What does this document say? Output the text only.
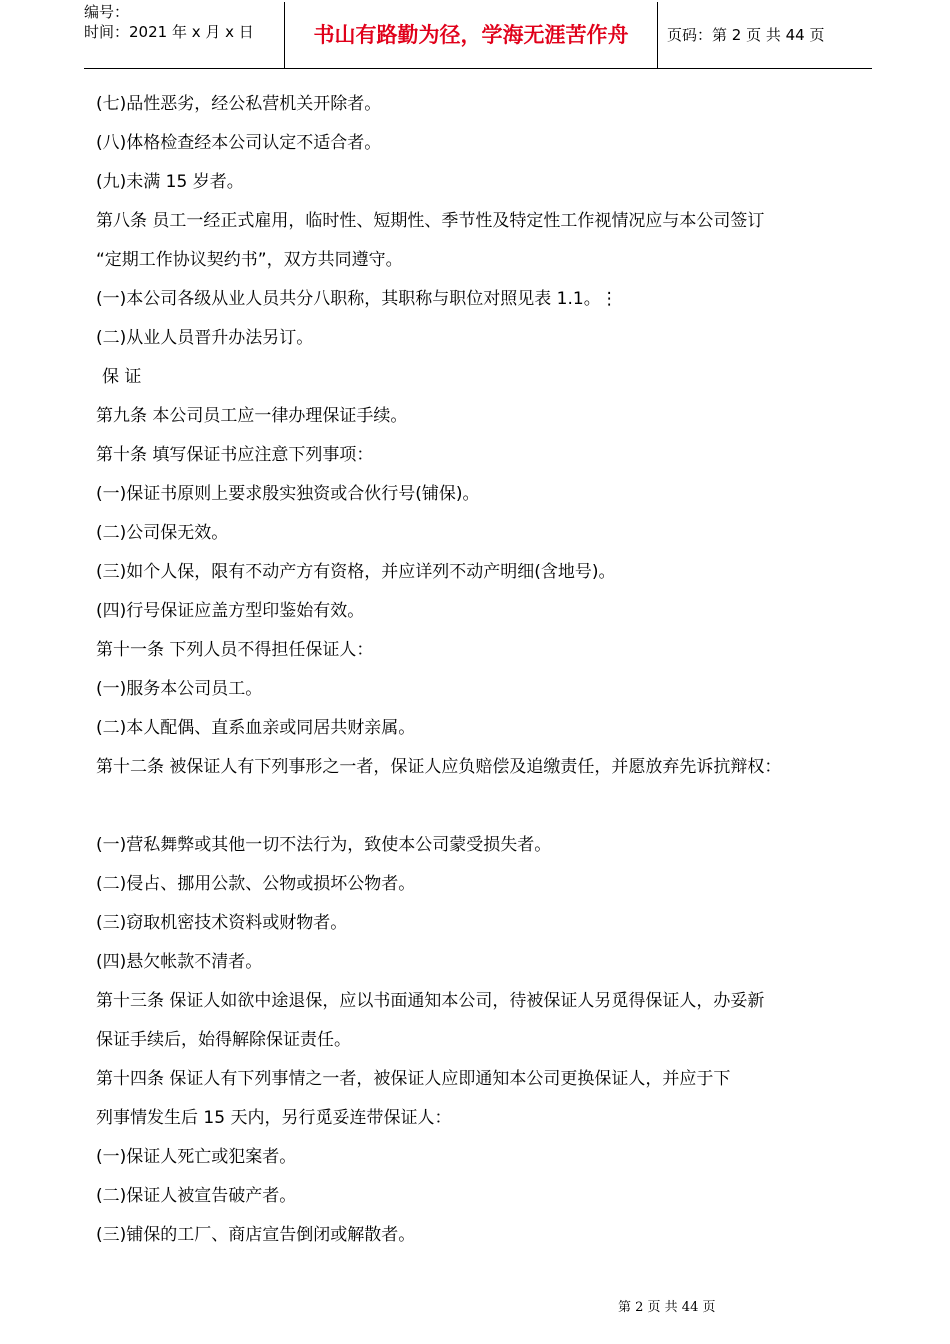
编号：
时间：2021 年 x 月 x 日	书山有路勤为径，学海无涯苦作舟	页码：第 2 页 共 44 页
(七)品性恶劣，经公私营机关开除者。
(八)体格检查经本公司认定不适合者。
(九)未满 15 岁者。
第八条 员工一经正式雇用，临时性、短期性、季节性及特定性工作视情况应与本公司签订
“定期工作协议契约书”，双方共同遵守。
(一)本公司各级从业人员共分八职称，其职称与职位对照见表 1.1。⋮
(二)从业人员晋升办法另订。
保 证
第九条 本公司员工应一律办理保证手续。
第十条 填写保证书应注意下列事项：
(一)保证书原则上要求殷实独资或合伙行号(铺保)。
(二)公司保无效。
(三)如个人保，限有不动产方有资格，并应详列不动产明细(含地号)。
(四)行号保证应盖方型印鉴始有效。
第十一条 下列人员不得担任保证人：
(一)服务本公司员工。
(二)本人配偶、直系血亲或同居共财亲属。
第十二条 被保证人有下列事形之一者，保证人应负赔偿及追缴责任，并愿放弃先诉抗辩权：
(一)营私舞弊或其他一切不法行为，致使本公司蒙受损失者。
(二)侵占、挪用公款、公物或损坏公物者。
(三)窃取机密技术资料或财物者。
(四)悬欠帐款不清者。
第十三条 保证人如欲中途退保，应以书面通知本公司，待被保证人另觅得保证人，办妥新
保证手续后，始得解除保证责任。
第十四条 保证人有下列事情之一者，被保证人应即通知本公司更换保证人，并应于下
列事情发生后 15 天内，另行觅妥连带保证人：
(一)保证人死亡或犯案者。
(二)保证人被宣告破产者。
(三)铺保的工厂、商店宣告倒闭或解散者。
第 2 页 共 44 页
